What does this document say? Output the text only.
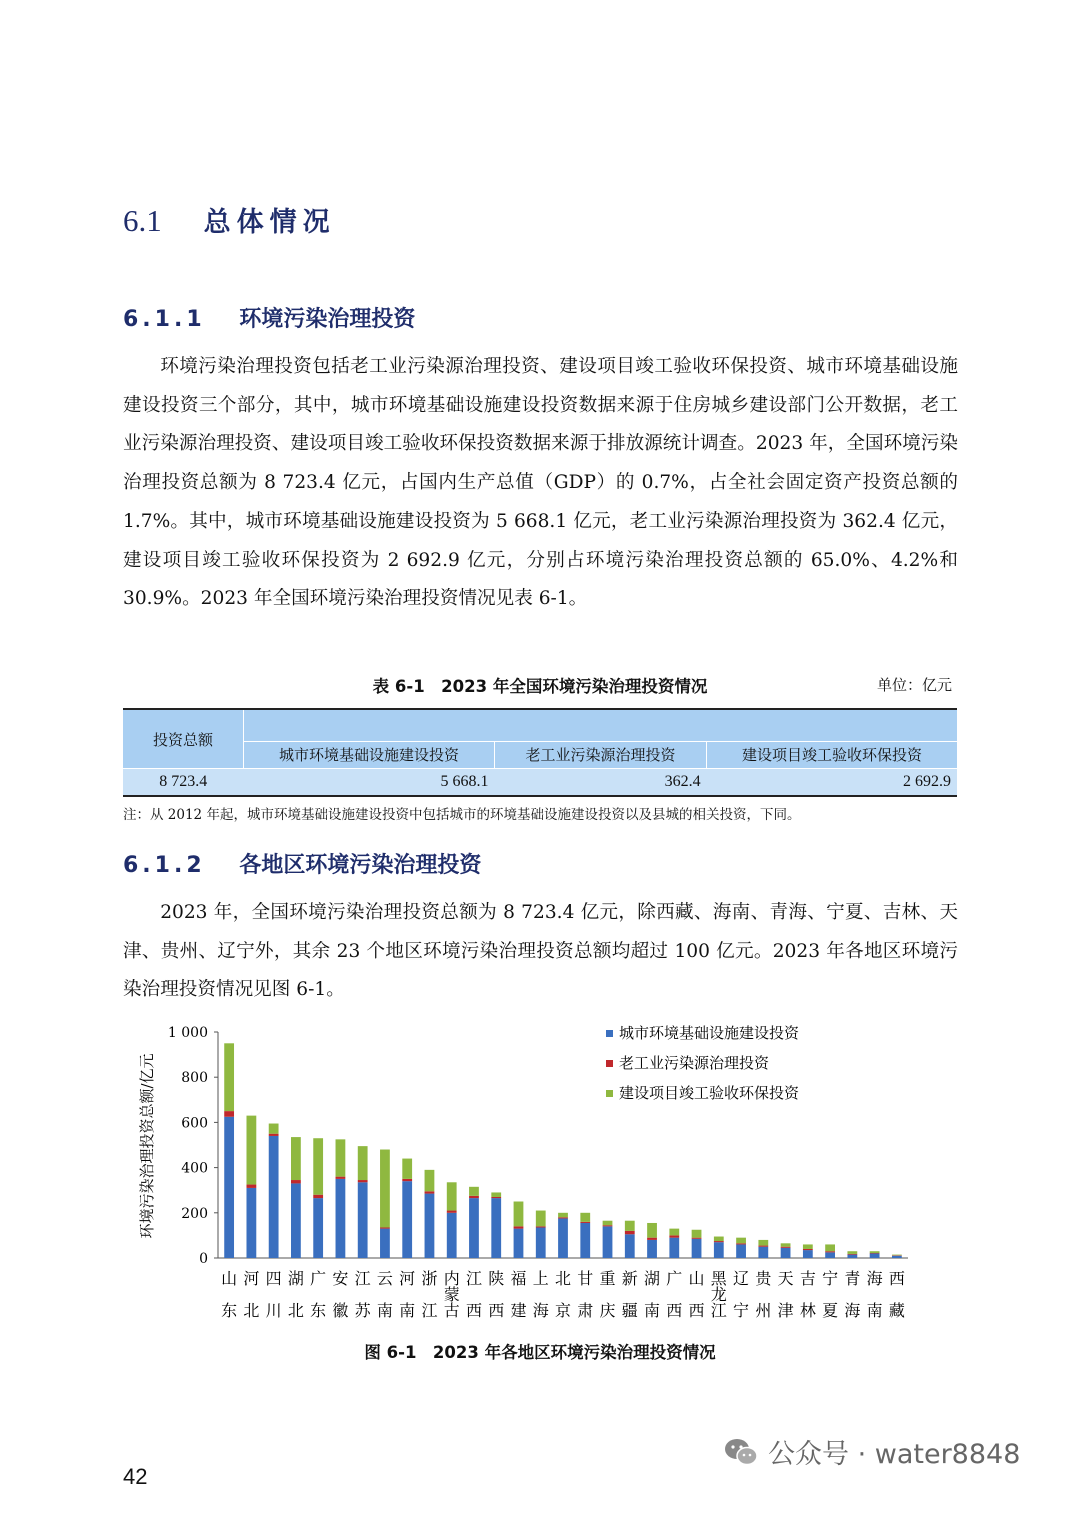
6.1 总体情况
6.1.1 环境污染治理投资

环境污染治理投资包括老工业污染源治理投资、建设项目竣工验收环保投资、城市环境基础设施建设投资三个部分，其中，城市环境基础设施建设投资数据来源于住房城乡建设部门公开数据，老工业污染源治理投资、建设项目竣工验收环保投资数据来源于排放源统计调查。2023 年，全国环境污染治理投资总额为 8 723.4 亿元，占国内生产总值（GDP）的 0.7%，占全社会固定资产投资总额的 1.7%。其中，城市环境基础设施建设投资为 5 668.1 亿元，老工业污染源治理投资为 362.4 亿元，建设项目竣工验收环保投资为 2 692.9 亿元，分别占环境污染治理投资总额的 65.0%、4.2%和 30.9%。2023 年全国环境污染治理投资情况见表 6-1。

表 6-1　2023 年全国环境污染治理投资情况	单位：亿元
投资总额			
	城市环境基础设施建设投资	老工业污染源治理投资	建设项目竣工验收环保投资
8 723.4	5 668.1	362.4	2 692.9
注：从 2012 年起，城市环境基础设施建设投资中包括城市的环境基础设施建设投资以及县城的相关投资，下同。
6.1.2 各地区环境污染治理投资

2023 年，全国环境污染治理投资总额为 8 723.4 亿元，除西藏、海南、青海、宁夏、吉林、天津、贵州、辽宁外，其余 23 个地区环境污染治理投资总额均超过 100 亿元。2023 年各地区环境污染治理投资情况见图 6-1。

0
200
400
600
800
1 000
环境污染治理投资总额/亿元
山
东
河
北
四
川
湖
北
广
东
安
徽
江
苏
云
南
河
南
浙
江
内
蒙
古
江
西
陕
西
福
建
上
海
北
京
甘
肃
重
庆
新
疆
湖
南
广
西
山
西
黑
龙
江
辽
宁
贵
州
天
津
吉
林
宁
夏
青
海
海
南
西
藏
城市环境基础设施建设投资
老工业污染源治理投资
建设项目竣工验收环保投资
图 6-1　2023 年各地区环境污染治理投资情况
42
公众号 · water8848
